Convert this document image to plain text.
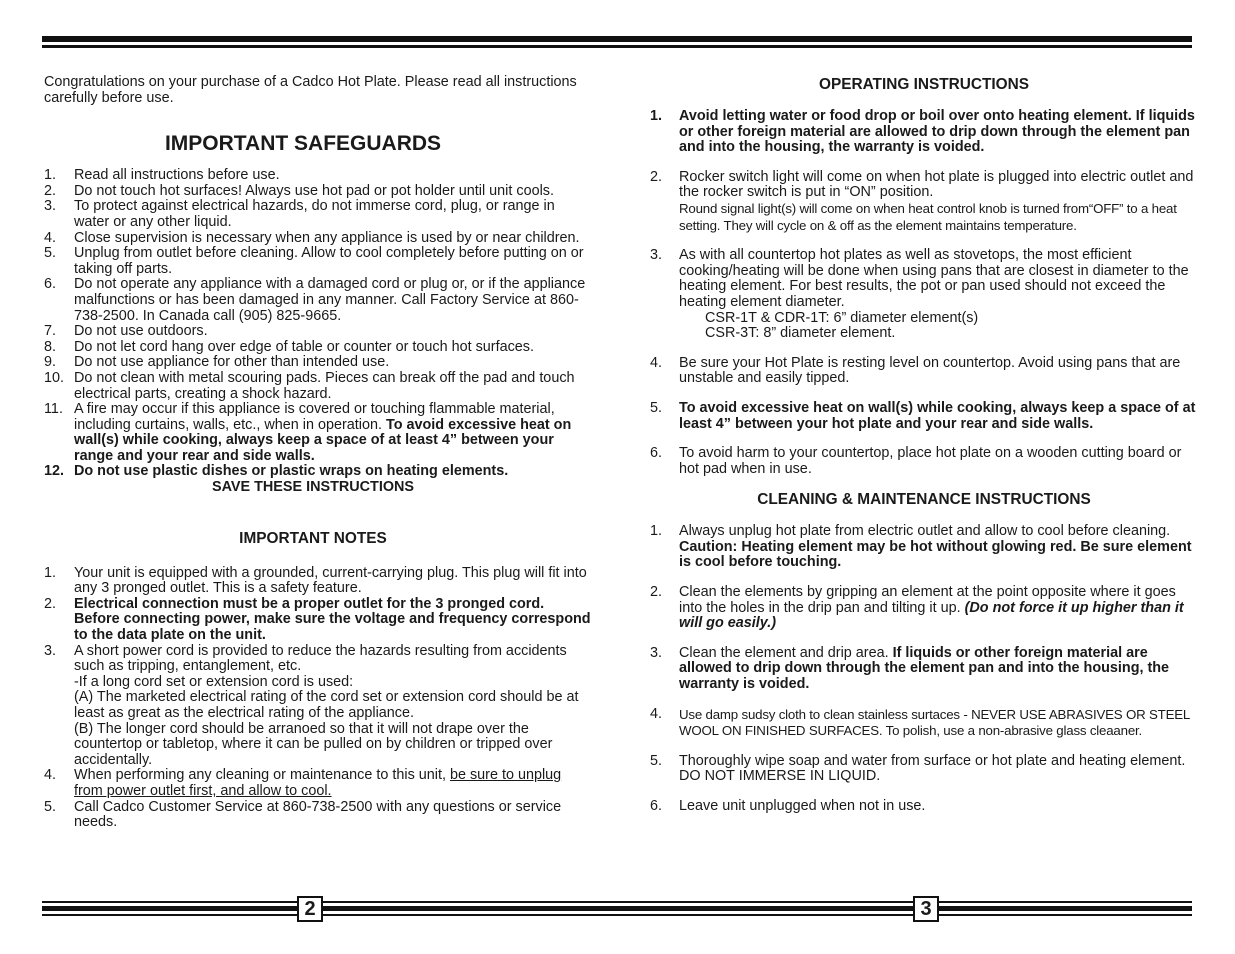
2	3

Congratulations on your purchase of a Cadco Hot Plate. Please read all instructions carefully before use.

IMPORTANT SAFEGUARDS
1.	Read all instructions before use.
2.	Do not touch hot surfaces! Always use hot pad or pot holder until unit cools.
3.	To protect against electrical hazards, do not immerse cord, plug, or range in water or any other liquid.
4.	Close supervision is necessary when any appliance is used by or near children.
5.	Unplug from outlet before cleaning. Allow to cool completely before putting on or taking off parts.
6.	Do not operate any appliance with a damaged cord or plug or, or if the appliance malfunctions or has been damaged in any manner. Call Factory Service at 860-738-2500. In Canada call (905) 825-9665.
7.	Do not use outdoors.
8.	Do not let cord hang over edge of table or counter or touch hot surfaces.
9.	Do not use appliance for other than intended use.
10. Do not clean with metal scouring pads. Pieces can break off the pad and touch electrical parts, creating a shock hazard.
11. A fire may occur if this appliance is covered or touching flammable material, including curtains, walls, etc., when in operation. To avoid excessive heat on wall(s) while cooking, always keep a space of at least 4” between your range and your rear and side walls.
12. Do not use plastic dishes or plastic wraps on heating elements.

SAVE THESE INSTRUCTIONS

IMPORTANT NOTES
1.	Your unit is equipped with a grounded, current-carrying plug. This plug will fit into any 3 pronged outlet. This is a safety feature.
2.	Electrical connection must be a proper outlet for the 3 pronged cord. Before connecting power, make sure the voltage and frequency correspond to the data plate on the unit.
3.	A short power cord is provided to reduce the hazards resulting from accidents such as tripping, entanglement, etc.
-If a long cord set or extension cord is used:
(A) The marketed electrical rating of the cord set or extension cord should be at least as great as the electrical rating of the appliance.
(B) The longer cord should be arranoed so that it will not drape over the countertop or tabletop, where it can be pulled on by children or tripped over accidentally.
4.	When performing any cleaning or maintenance to this unit, be sure to unplug from power outlet first, and allow to cool.
5.	Call Cadco Customer Service at 860-738-2500 with any questions or service needs.
OPERATING INSTRUCTIONS
1.	Avoid letting water or food drop or boil over onto heating element. If liquids or other foreign material are allowed to drip down through the element pan and into the housing, the warranty is voided.
2.	Rocker switch light will come on when hot plate is plugged into electric outlet and the rocker switch is put in “ON” position.
Round signal light(s) will come on when heat control knob is turned from“OFF” to a heat setting. They will cycle on & off as the element maintains temperature.
3.	As with all countertop hot plates as well as stovetops, the most efficient cooking/heating will be done when using pans that are closest in diameter to the heating element. For best results, the pot or pan used should not exceed the heating element diameter.
CSR-1T & CDR-1T: 6” diameter element(s)
CSR-3T: 8” diameter element.
4.	Be sure your Hot Plate is resting level on countertop. Avoid using pans that are unstable and easily tipped.
5.	To avoid excessive heat on wall(s) while cooking, always keep a space of at least 4” between your hot plate and your rear and side walls.
6.	To avoid harm to your countertop, place hot plate on a wooden cutting board or hot pad when in use.
CLEANING & MAINTENANCE INSTRUCTIONS
1.	Always unplug hot plate from electric outlet and allow to cool before cleaning. Caution: Heating element may be hot without glowing red. Be sure element is cool before touching.
2.	Clean the elements by gripping an element at the point opposite where it goes into the holes in the drip pan and tilting it up. (Do not force it up higher than it will go easily.)
3.	Clean the element and drip area. If liquids or other foreign material are allowed to drip down through the element pan and into the housing, the warranty is voided.
4.	Use damp sudsy cloth to clean stainless surtaces - NEVER USE ABRASIVES OR STEEL WOOL ON FINISHED SURFACES. To polish, use a non-abrasive glass cleaaner.
5.	Thoroughly wipe soap and water from surface or hot plate and heating element.
DO NOT IMMERSE IN LIQUID.
6.	Leave unit unplugged when not in use.
